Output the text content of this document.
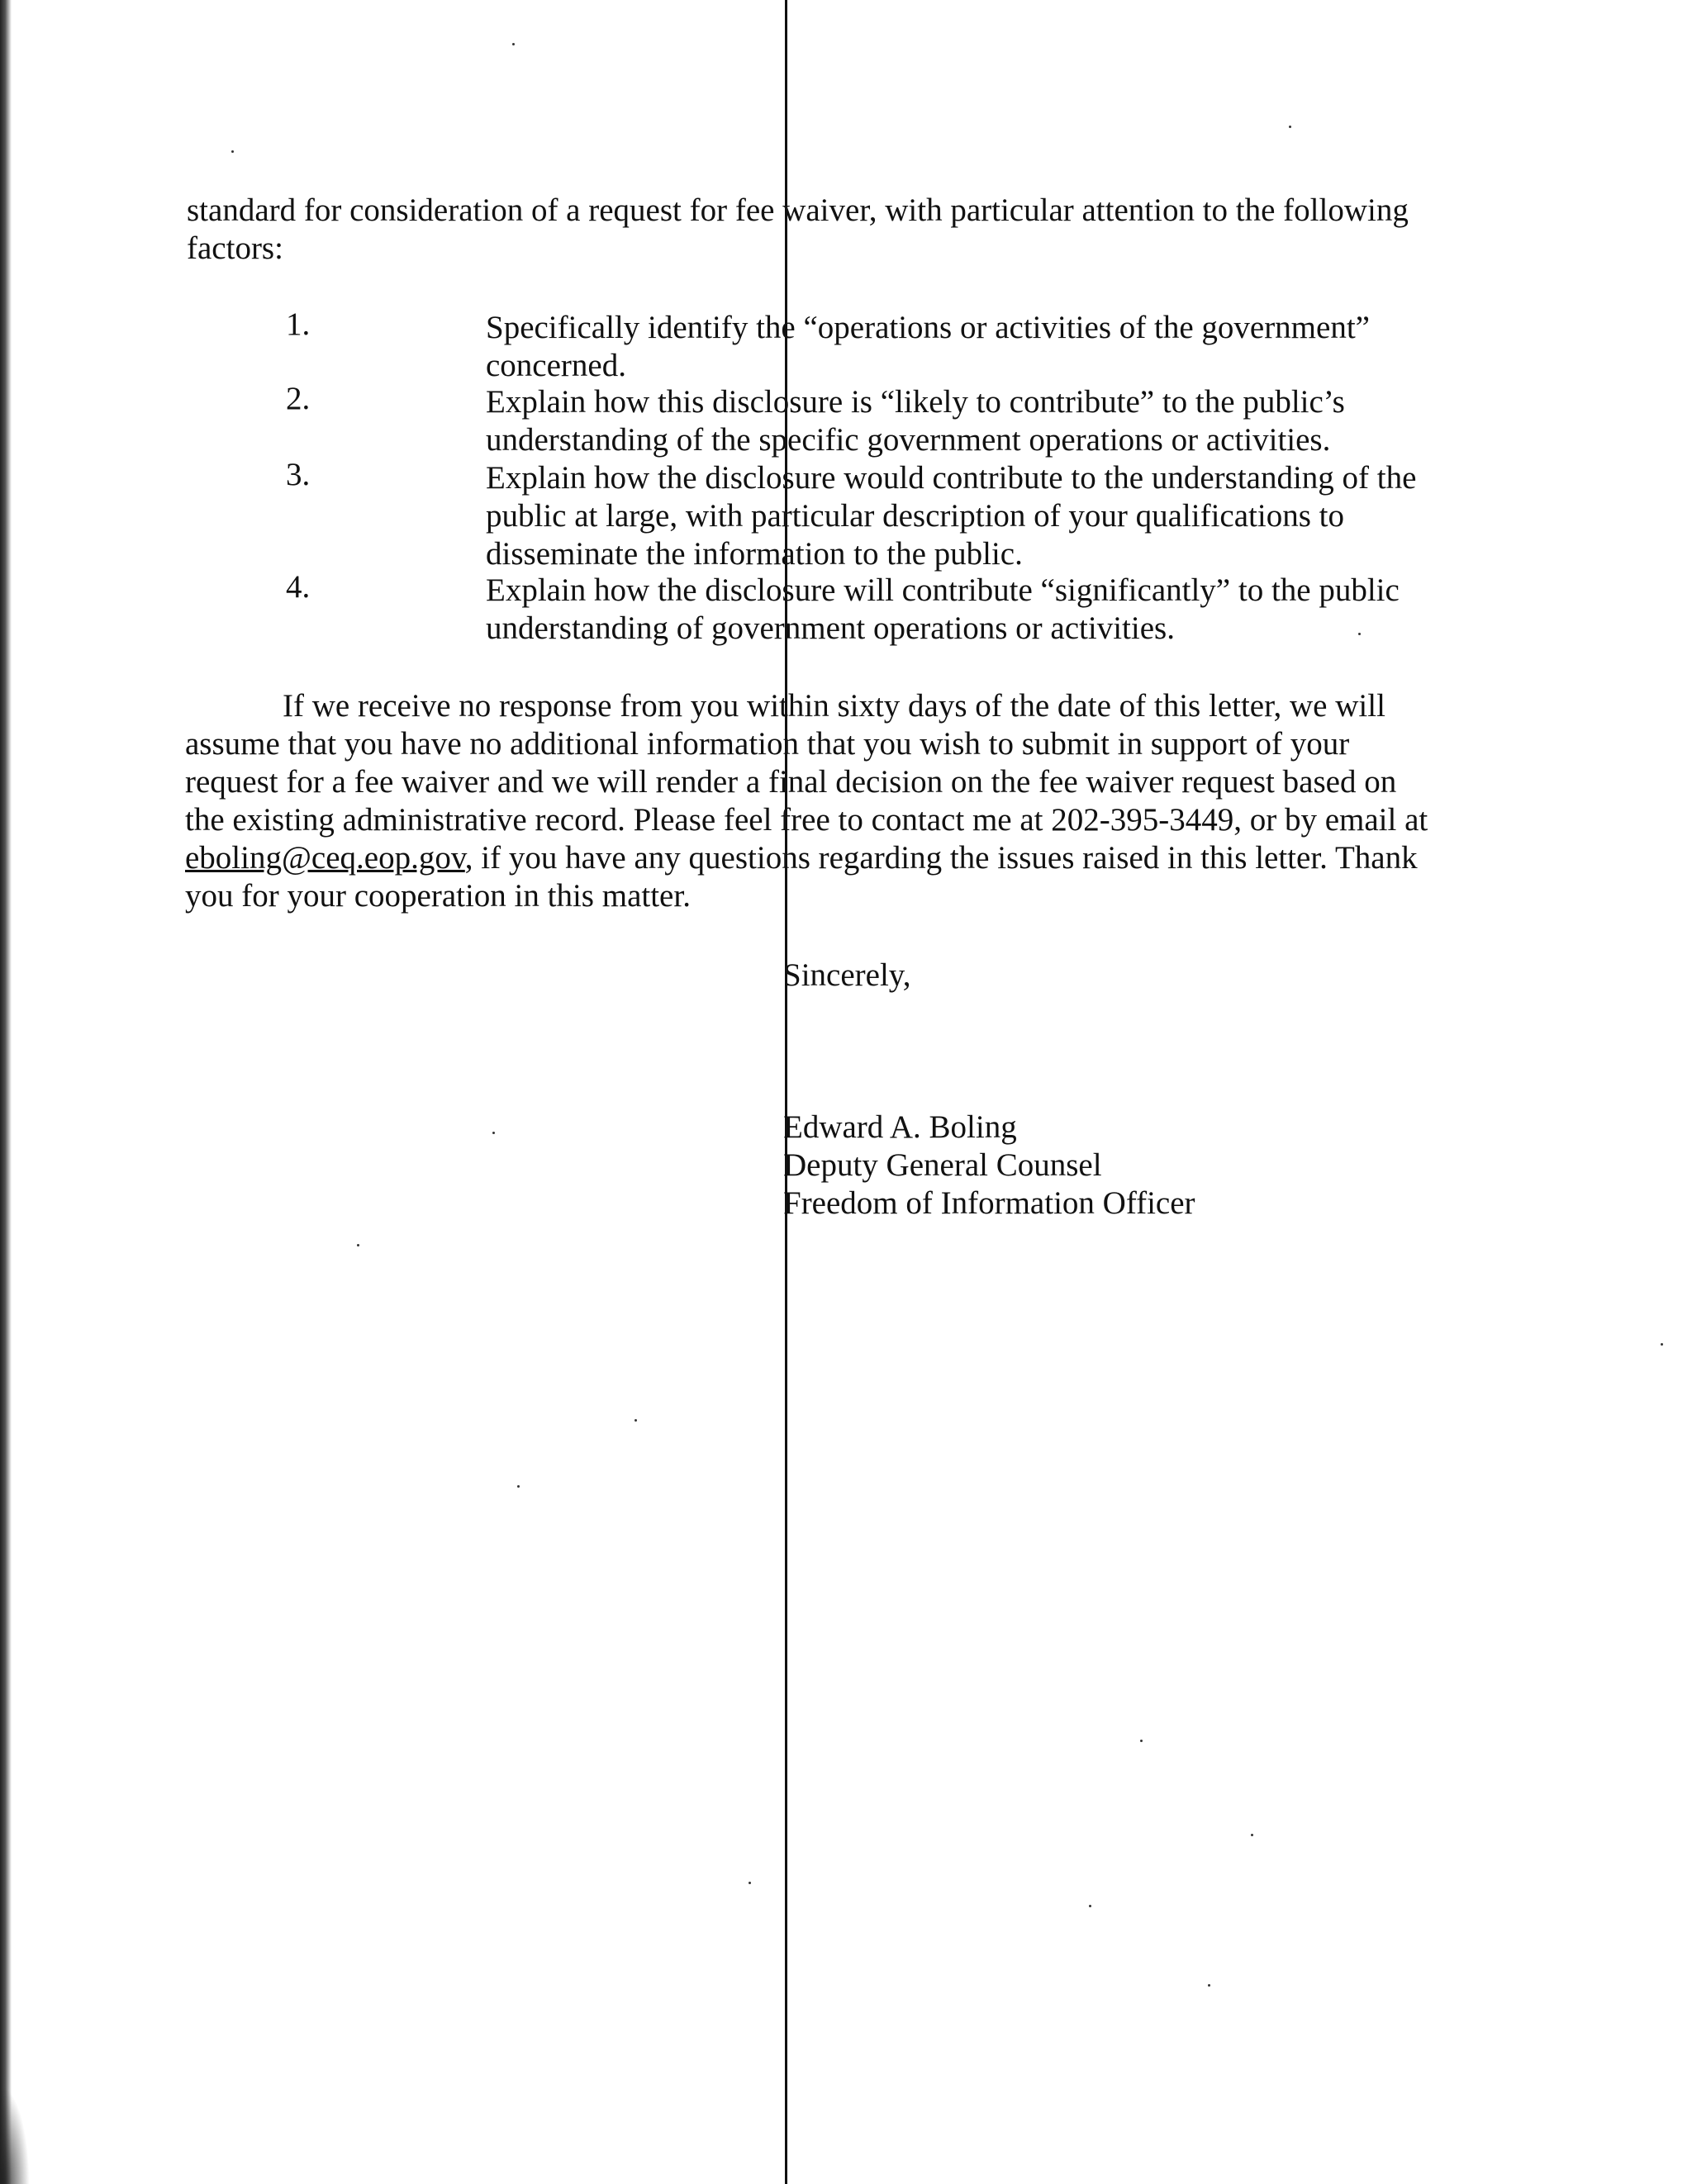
standard for consideration of a request for fee waiver, with particular attention to the following
factors:
1.	Specifically identify the “operations or activities of the government”
concerned.
2.	Explain how this disclosure is “likely to contribute” to the public’s
understanding of the specific government operations or activities.
3.	Explain how the disclosure would contribute to the understanding of the
public at large, with particular description of your qualifications to
disseminate the information to the public.
4.	Explain how the disclosure will contribute “significantly” to the public
understanding of government operations or activities.
If we receive no response from you within sixty days of the date of this letter, we will
assume that you have no additional information that you wish to submit in support of your
request for a fee waiver and we will render a final decision on the fee waiver request based on
the existing administrative record. Please feel free to contact me at 202-395-3449, or by email at
eboling@ceq.eop.gov, if you have any questions regarding the issues raised in this letter. Thank
you for your cooperation in this matter.
Sincerely,
Edward A. Boling
Deputy General Counsel
Freedom of Information Officer
